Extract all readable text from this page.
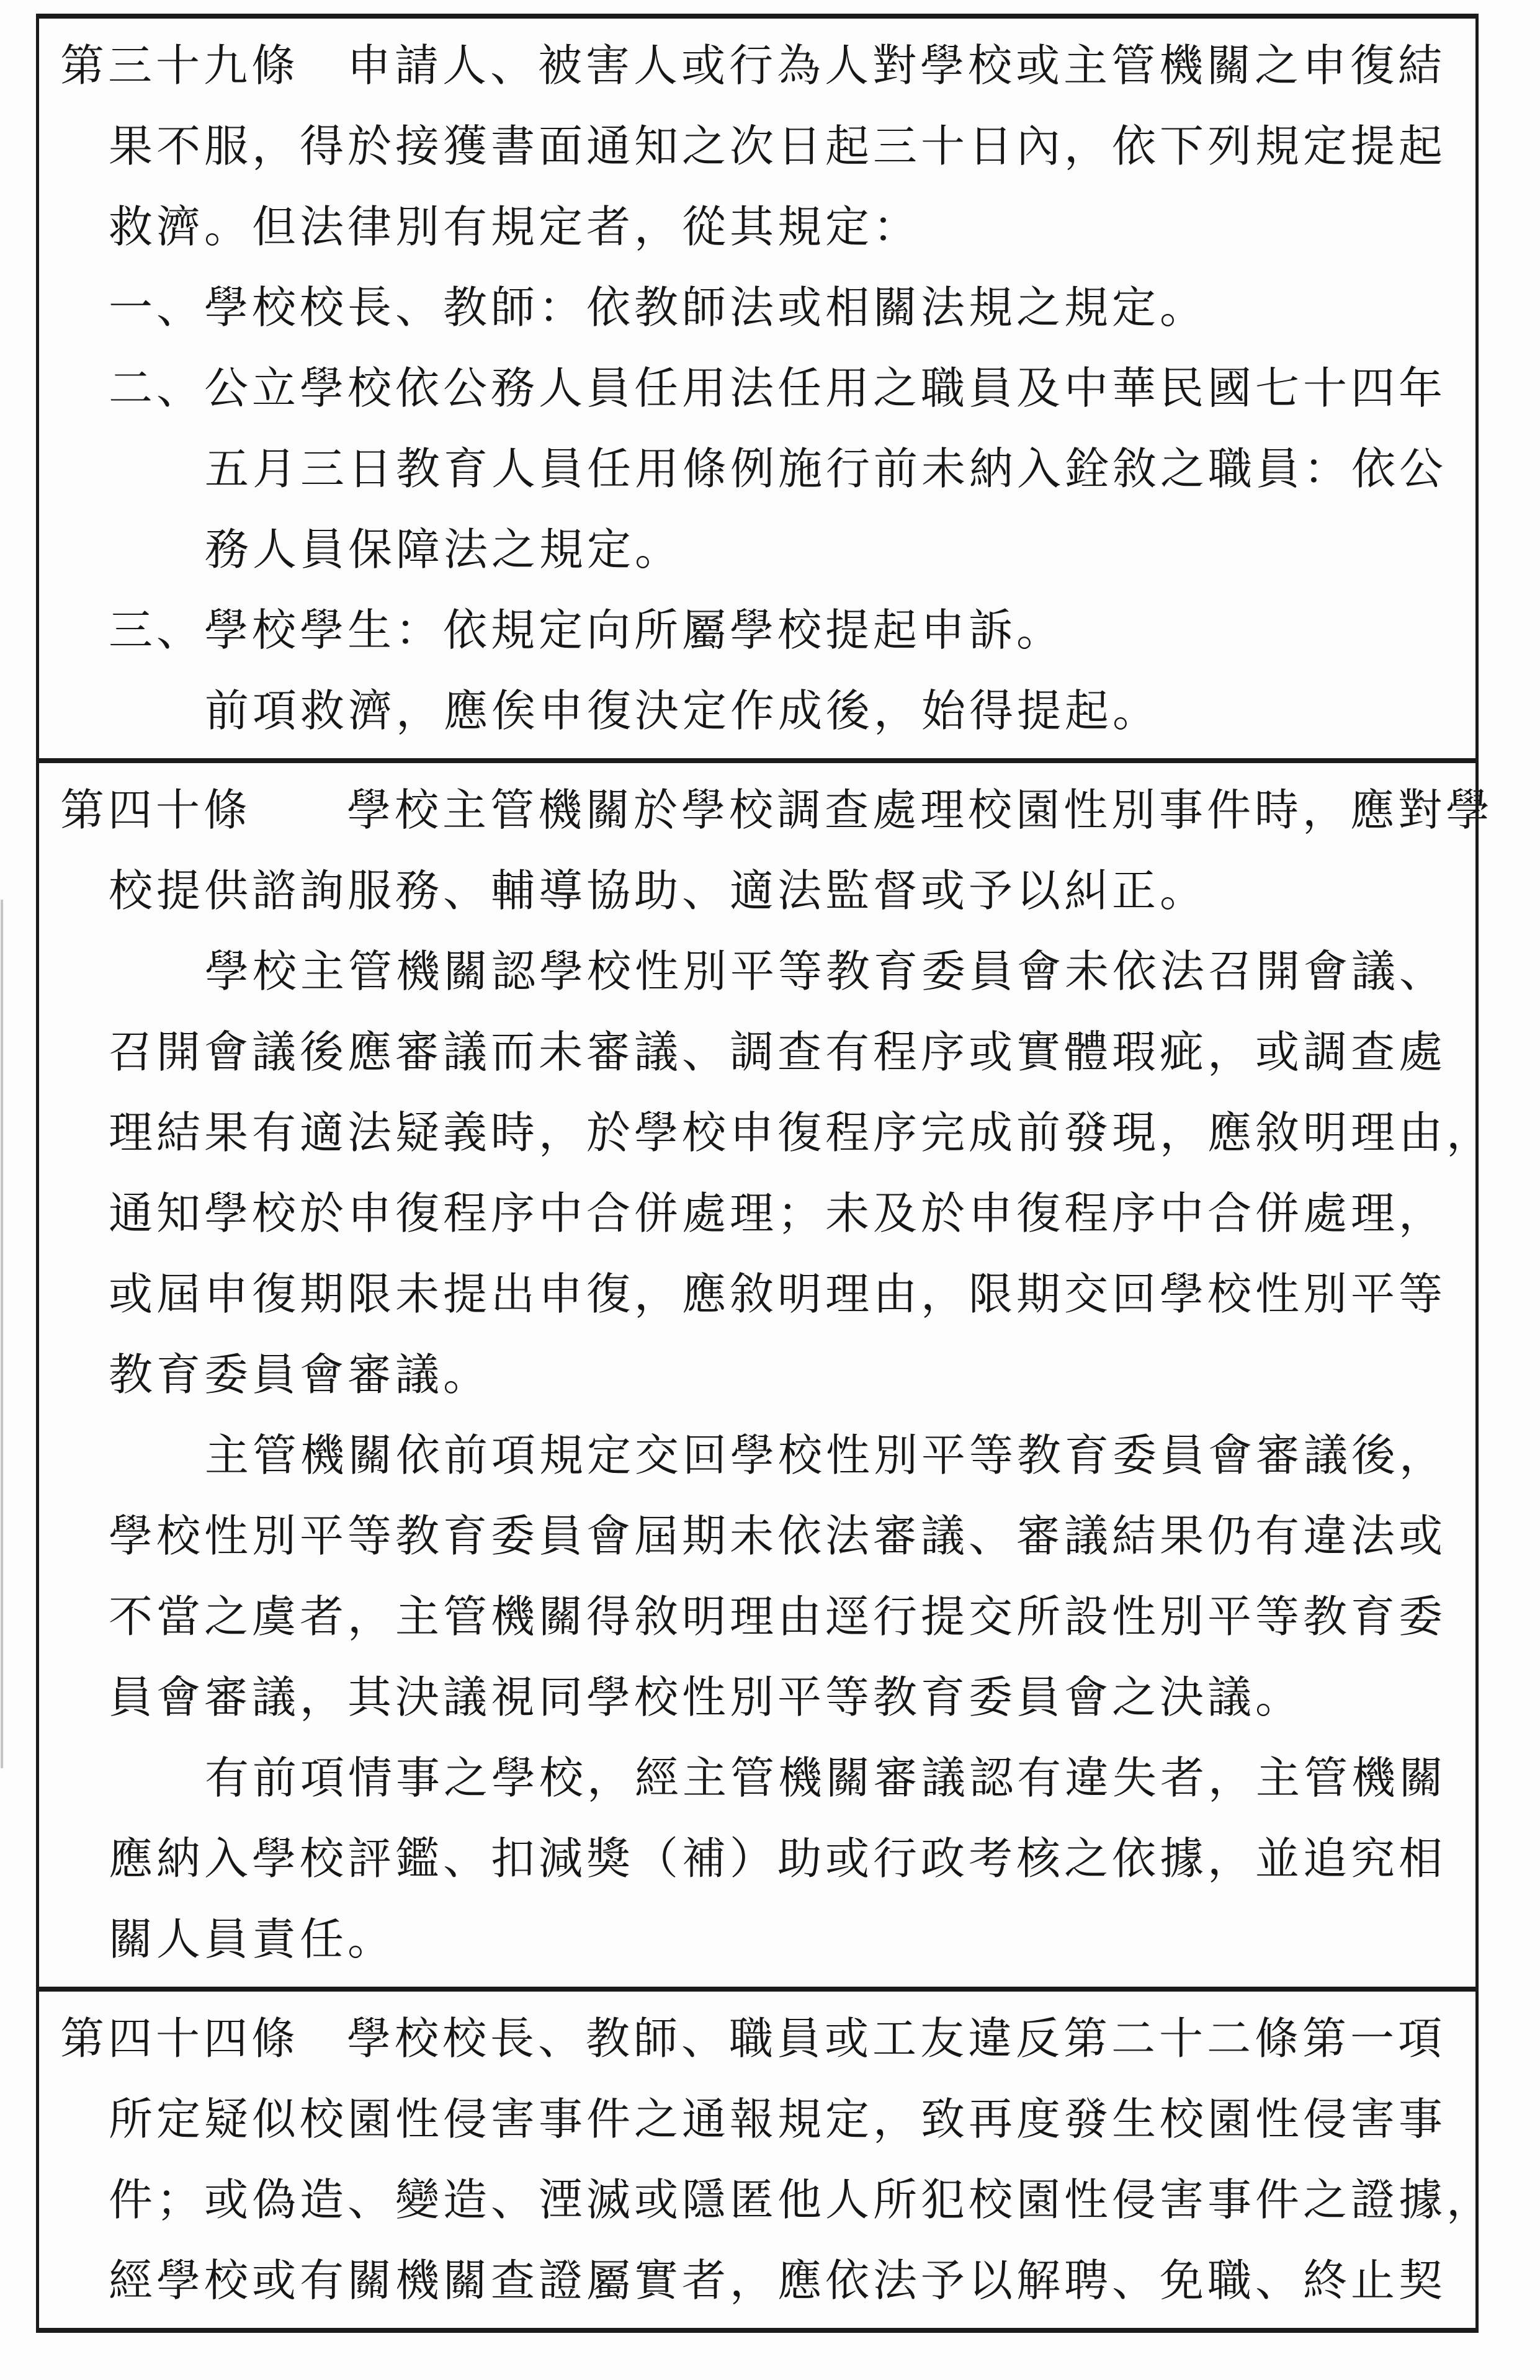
第三十九條　申請人、被害人或行為人對學校或主管機關之申復結
果不服，得於接獲書面通知之次日起三十日內，依下列規定提起
救濟。但法律別有規定者，從其規定：
一、學校校長、教師：依教師法或相關法規之規定。
二、公立學校依公務人員任用法任用之職員及中華民國七十四年
五月三日教育人員任用條例施行前未納入銓敘之職員：依公
務人員保障法之規定。
三、學校學生：依規定向所屬學校提起申訴。
前項救濟，應俟申復決定作成後，始得提起。
第四十條　　學校主管機關於學校調查處理校園性別事件時，應對學
校提供諮詢服務、輔導協助、適法監督或予以糾正。
學校主管機關認學校性別平等教育委員會未依法召開會議、
召開會議後應審議而未審議、調查有程序或實體瑕疵，或調查處
理結果有適法疑義時，於學校申復程序完成前發現，應敘明理由，
通知學校於申復程序中合併處理；未及於申復程序中合併處理，
或屆申復期限未提出申復，應敘明理由，限期交回學校性別平等
教育委員會審議。
主管機關依前項規定交回學校性別平等教育委員會審議後，
學校性別平等教育委員會屆期未依法審議、審議結果仍有違法或
不當之虞者，主管機關得敘明理由逕行提交所設性別平等教育委
員會審議，其決議視同學校性別平等教育委員會之決議。
有前項情事之學校，經主管機關審議認有違失者，主管機關
應納入學校評鑑、扣減獎（補）助或行政考核之依據，並追究相
關人員責任。
第四十四條　學校校長、教師、職員或工友違反第二十二條第一項
所定疑似校園性侵害事件之通報規定，致再度發生校園性侵害事
件；或偽造、變造、湮滅或隱匿他人所犯校園性侵害事件之證據，
經學校或有關機關查證屬實者，應依法予以解聘、免職、終止契
